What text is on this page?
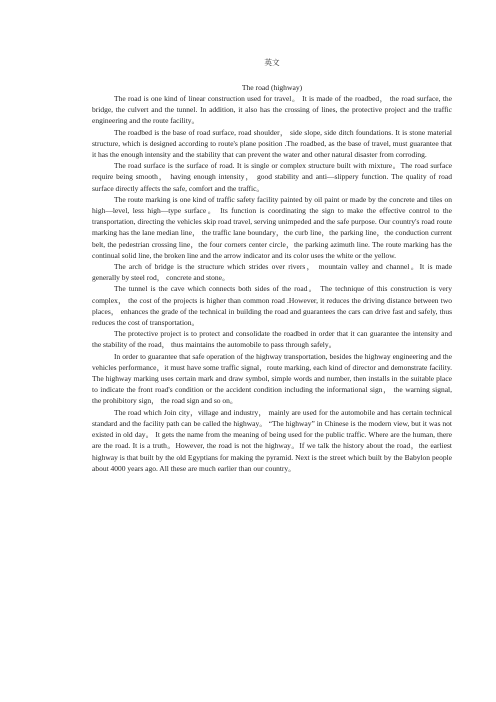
英文
The road (highway)

The road is one kind of linear construction used for travel。 It is made of the roadbed， the road surface, the bridge, the culvert and the tunnel. In addition, it also has the crossing of lines, the protective project and the traffic engineering and the route facility。

The roadbed is the base of road surface, road shoulder， side slope, side ditch foundations. It is stone material structure, which is designed according to route's plane position .The roadbed, as the base of travel, must guarantee that it has the enough intensity and the stability that can prevent the water and other natural disaster from corroding.

The road surface is the surface of road. It is single or complex structure built with mixture。The road surface require being smooth， having enough intensity， good stability and anti—slippery function. The quality of road surface directly affects the safe, comfort and the traffic。

The route marking is one kind of traffic safety facility painted by oil paint or made by the concrete and tiles on high—level, less high—type surface。 Its function is coordinating the sign to make the effective control to the transportation, directing the vehicles skip road travel, serving unimpeded and the safe purpose. Our country's road route marking has the lane median line， the traffic lane boundary，the curb line，the parking line，the conduction current belt, the pedestrian crossing line，the four corners center circle，the parking azimuth line. The route marking has the continual solid line, the broken line and the arrow indicator and its color uses the white or the yellow.

The arch of bridge is the structure which strides over rivers， mountain valley and channel。It is made generally by steel rod， concrete and stone。

The tunnel is the cave which connects both sides of the road。 The technique of this construction is very complex， the cost of the projects is higher than common road .However, it reduces the driving distance between two places， enhances the grade of the technical in building the road and guarantees the cars can drive fast and safely, thus reduces the cost of transportation。

The protective project is to protect and consolidate the roadbed in order that it can guarantee the intensity and the stability of the road， thus maintains the automobile to pass through safely。

In order to guarantee that safe operation of the highway transportation, besides the highway engineering and the vehicles performance，it must have some traffic signal，route marking, each kind of director and demonstrate facility. The highway marking uses certain mark and draw symbol, simple words and number, then installs in the suitable place to indicate the front road's condition or the accident condition including the informational sign， the warning signal, the prohibitory sign， the road sign and so on。

The road which Join city，village and industry， mainly are used for the automobile and has certain technical standard and the facility path can be called the highway。 “The highway” in Chinese is the modern view, but it was not existed in old day。 It gets the name from the meaning of being used for the public traffic. Where are the human, there are the road. It is a truth。However, the road is not the highway。If we talk the history about the road，the earliest highway is that built by the old Egyptians for making the pyramid. Next is the street which built by the Babylon people about 4000 years ago. All these are much earlier than our country。
